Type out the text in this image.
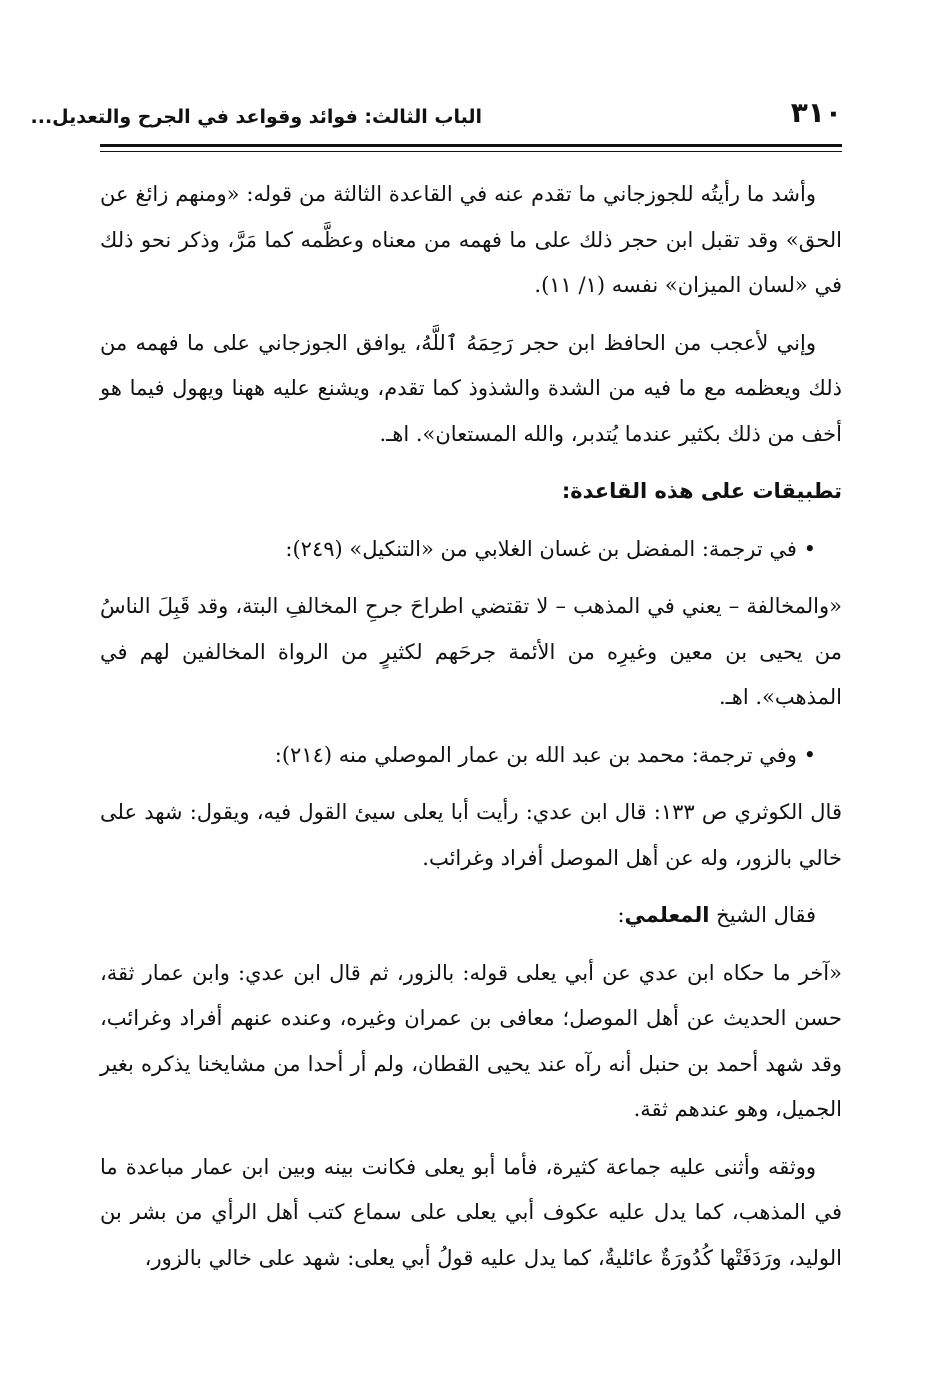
٣١٠
الباب الثالث: فوائد وقواعد في الجرح والتعديل...

وأشد ما رأيتُه للجوزجاني ما تقدم عنه في القاعدة الثالثة من قوله: «ومنهم زائغ عن الحق» وقد تقبل ابن حجر ذلك على ما فهمه من معناه وعظَّمه كما مَرَّ، وذكر نحو ذلك في «لسان الميزان» نفسه (١/ ١١).

وإني لأعجب من الحافظ ابن حجر رَحِمَهُ ٱللَّهُ، يوافق الجوزجاني على ما فهمه من ذلك ويعظمه مع ما فيه من الشدة والشذوذ كما تقدم، ويشنع عليه ههنا ويهول فيما هو أخف من ذلك بكثير عندما يُتدبر، والله المستعان». اهـ.

تطبيقات على هذه القاعدة:

• في ترجمة: المفضل بن غسان الغلابي من «التنكيل» (٢٤٩):

«والمخالفة – يعني في المذهب – لا تقتضي اطراحَ جرحِ المخالفِ البتة، وقد قَبِلَ الناسُ من يحيى بن معين وغيرِه من الأئمة جرحَهم لكثيرٍ من الرواة المخالفين لهم في المذهب». اهـ.

• وفي ترجمة: محمد بن عبد الله بن عمار الموصلي منه (٢١٤):

قال الكوثري ص ١٣٣: قال ابن عدي: رأيت أبا يعلى سيئ القول فيه، ويقول: شهد على خالي بالزور، وله عن أهل الموصل أفراد وغرائب.

فقال الشيخ المعلمي:

«آخر ما حكاه ابن عدي عن أبي يعلى قوله: بالزور، ثم قال ابن عدي: وابن عمار ثقة، حسن الحديث عن أهل الموصل؛ معافى بن عمران وغيره، وعنده عنهم أفراد وغرائب، وقد شهد أحمد بن حنبل أنه رآه عند يحيى القطان، ولم أر أحدا من مشايخنا يذكره بغير الجميل، وهو عندهم ثقة.

ووثقه وأثنى عليه جماعة كثيرة، فأما أبو يعلى فكانت بينه وبين ابن عمار مباعدة ما في المذهب، كما يدل عليه عكوف أبي يعلى على سماع كتب أهل الرأي من بشر بن الوليد، ورَدَفَتْها كُدُورَةٌ عائليةٌ، كما يدل عليه قولُ أبي يعلى: شهد على خالي بالزور،
